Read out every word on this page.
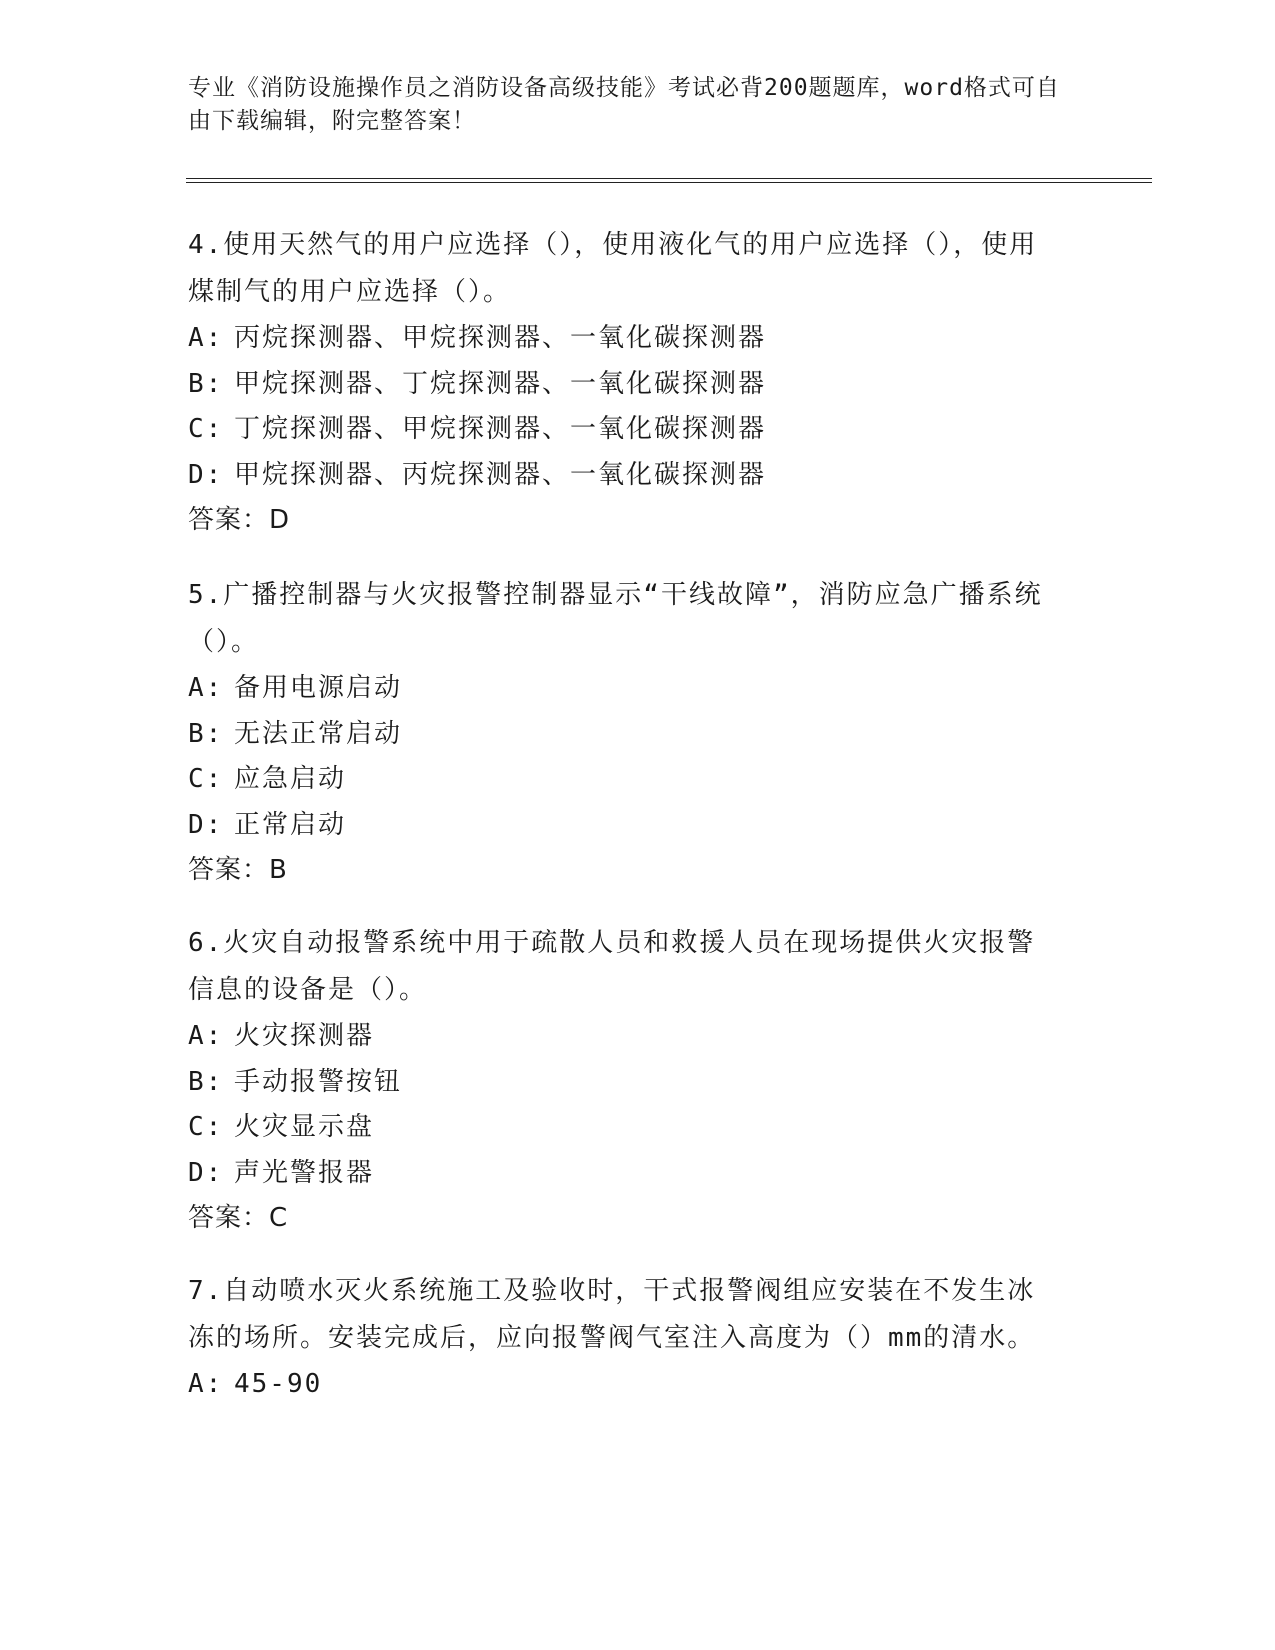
专业《消防设施操作员之消防设备高级技能》考试必背200题题库，word格式可自由下载编辑，附完整答案！
4.使用天然气的用户应选择（），使用液化气的用户应选择（），使用煤制气的用户应选择（）。
A: 丙烷探测器、甲烷探测器、一氧化碳探测器
B: 甲烷探测器、丁烷探测器、一氧化碳探测器
C: 丁烷探测器、甲烷探测器、一氧化碳探测器
D: 甲烷探测器、丙烷探测器、一氧化碳探测器
答案：D
5.广播控制器与火灾报警控制器显示“干线故障”，消防应急广播系统（）。
A: 备用电源启动
B: 无法正常启动
C: 应急启动
D: 正常启动
答案：B
6.火灾自动报警系统中用于疏散人员和救援人员在现场提供火灾报警信息的设备是（）。
A: 火灾探测器
B: 手动报警按钮
C: 火灾显示盘
D: 声光警报器
答案：C
7.自动喷水灭火系统施工及验收时，干式报警阀组应安装在不发生冰冻的场所。安装完成后，应向报警阀气室注入高度为（）mm的清水。
A: 45-90
